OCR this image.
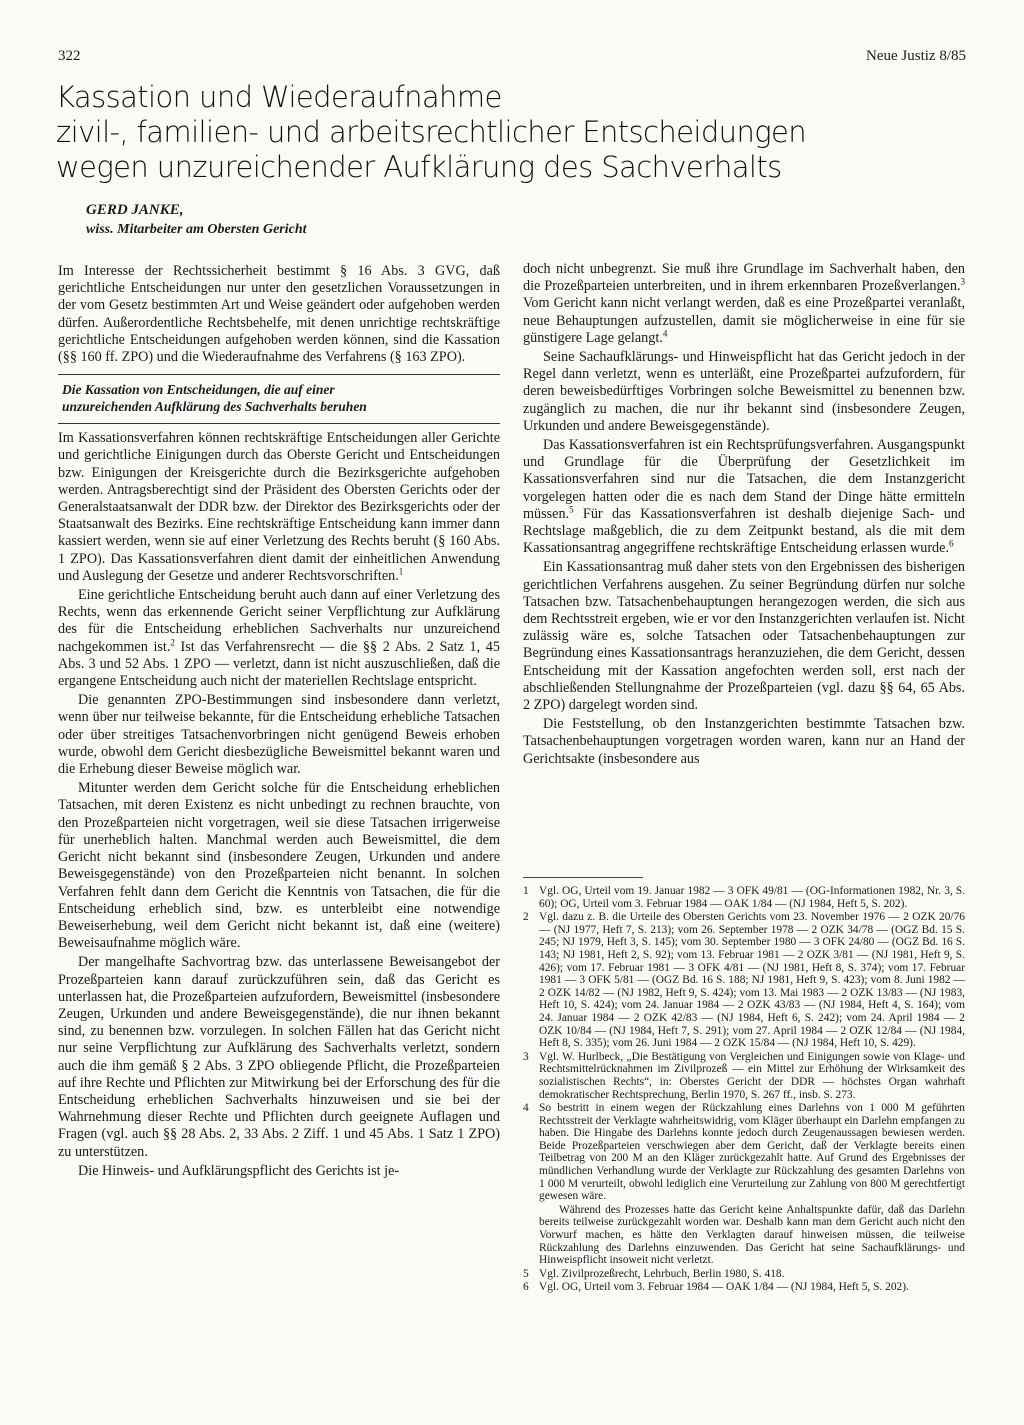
322	Neue Justiz 8/85
Kassation und Wiederaufnahme
zivil-, familien- und arbeitsrechtlicher Entscheidungen
wegen unzureichender Aufklärung des Sachverhalts
GERD JANKE,
wiss. Mitarbeiter am Obersten Gericht

Im Interesse der Rechtssicherheit bestimmt § 16 Abs. 3 GVG, daß gerichtliche Entscheidungen nur unter den gesetzlichen Voraussetzungen in der vom Gesetz bestimmten Art und Weise geändert oder aufgehoben werden dürfen. Außerordentliche Rechtsbehelfe, mit denen unrichtige rechtskräftige gerichtliche Entscheidungen aufgehoben werden können, sind die Kassation (§§ 160 ff. ZPO) und die Wiederaufnahme des Verfahrens (§ 163 ZPO).

Die Kassation von Entscheidungen, die auf einer
unzureichenden Aufklärung des Sachverhalts beruhen

Im Kassationsverfahren können rechtskräftige Entscheidungen aller Gerichte und gerichtliche Einigungen durch das Oberste Gericht und Entscheidungen bzw. Einigungen der Kreisgerichte durch die Bezirksgerichte aufgehoben werden. Antragsberechtigt sind der Präsident des Obersten Gerichts oder der Generalstaatsanwalt der DDR bzw. der Direktor des Bezirksgerichts oder der Staatsanwalt des Bezirks. Eine rechtskräftige Entscheidung kann immer dann kassiert werden, wenn sie auf einer Verletzung des Rechts beruht (§ 160 Abs. 1 ZPO). Das Kassationsverfahren dient damit der einheitlichen Anwendung und Auslegung der Gesetze und anderer Rechtsvorschriften.$^1$

Eine gerichtliche Entscheidung beruht auch dann auf einer Verletzung des Rechts, wenn das erkennende Gericht seiner Verpflichtung zur Aufklärung des für die Entscheidung erheblichen Sachverhalts nur unzureichend nachgekommen ist.$^2$ Ist das Verfahrensrecht — die §§ 2 Abs. 2 Satz 1, 45 Abs. 3 und 52 Abs. 1 ZPO — verletzt, dann ist nicht auszuschließen, daß die ergangene Entscheidung auch nicht der materiellen Rechtslage entspricht.

Die genannten ZPO-Bestimmungen sind insbesondere dann verletzt, wenn über nur teilweise bekannte, für die Entscheidung erhebliche Tatsachen oder über streitiges Tatsachenvorbringen nicht genügend Beweis erhoben wurde, obwohl dem Gericht diesbezügliche Beweismittel bekannt waren und die Erhebung dieser Beweise möglich war.

Mitunter werden dem Gericht solche für die Entscheidung erheblichen Tatsachen, mit deren Existenz es nicht unbedingt zu rechnen brauchte, von den Prozeßparteien nicht vorgetragen, weil sie diese Tatsachen irrigerweise für unerheblich halten. Manchmal werden auch Beweismittel, die dem Gericht nicht bekannt sind (insbesondere Zeugen, Urkunden und andere Beweisgegenstände) von den Prozeßparteien nicht benannt. In solchen Verfahren fehlt dann dem Gericht die Kenntnis von Tatsachen, die für die Entscheidung erheblich sind, bzw. es unterbleibt eine notwendige Beweiserhebung, weil dem Gericht nicht bekannt ist, daß eine (weitere) Beweisaufnahme möglich wäre.

Der mangelhafte Sachvortrag bzw. das unterlassene Beweisangebot der Prozeßparteien kann darauf zurückzuführen sein, daß das Gericht es unterlassen hat, die Prozeßparteien aufzufordern, Beweismittel (insbesondere Zeugen, Urkunden und andere Beweisgegenstände), die nur ihnen bekannt sind, zu benennen bzw. vorzulegen. In solchen Fällen hat das Gericht nicht nur seine Verpflichtung zur Aufklärung des Sachverhalts verletzt, sondern auch die ihm gemäß § 2 Abs. 3 ZPO obliegende Pflicht, die Prozeßparteien auf ihre Rechte und Pflichten zur Mitwirkung bei der Erforschung des für die Entscheidung erheblichen Sachverhalts hinzuweisen und sie bei der Wahrnehmung dieser Rechte und Pflichten durch geeignete Auflagen und Fragen (vgl. auch §§ 28 Abs. 2, 33 Abs. 2 Ziff. 1 und 45 Abs. 1 Satz 1 ZPO) zu unterstützen.

Die Hinweis- und Aufklärungspflicht des Gerichts ist je-

doch nicht unbegrenzt. Sie muß ihre Grundlage im Sachverhalt haben, den die Prozeßparteien unterbreiten, und in ihrem erkennbaren Prozeßverlangen.$^3$ Vom Gericht kann nicht verlangt werden, daß es eine Prozeßpartei veranlaßt, neue Behauptungen aufzustellen, damit sie möglicherweise in eine für sie günstigere Lage gelangt.$^4$

Seine Sachaufklärungs- und Hinweispflicht hat das Gericht jedoch in der Regel dann verletzt, wenn es unterläßt, eine Prozeßpartei aufzufordern, für deren beweisbedürftiges Vorbringen solche Beweismittel zu benennen bzw. zugänglich zu machen, die nur ihr bekannt sind (insbesondere Zeugen, Urkunden und andere Beweisgegenstände).

Das Kassationsverfahren ist ein Rechtsprüfungsverfahren. Ausgangspunkt und Grundlage für die Überprüfung der Gesetzlichkeit im Kassationsverfahren sind nur die Tatsachen, die dem Instanzgericht vorgelegen hatten oder die es nach dem Stand der Dinge hätte ermitteln müssen.$^5$ Für das Kassationsverfahren ist deshalb diejenige Sach- und Rechtslage maßgeblich, die zu dem Zeitpunkt bestand, als die mit dem Kassationsantrag angegriffene rechtskräftige Entscheidung erlassen wurde.$^6$

Ein Kassationsantrag muß daher stets von den Ergebnissen des bisherigen gerichtlichen Verfahrens ausgehen. Zu seiner Begründung dürfen nur solche Tatsachen bzw. Tatsachenbehauptungen herangezogen werden, die sich aus dem Rechtsstreit ergeben, wie er vor den Instanzgerichten verlaufen ist. Nicht zulässig wäre es, solche Tatsachen oder Tatsachenbehauptungen zur Begründung eines Kassationsantrags heranzuziehen, die dem Gericht, dessen Entscheidung mit der Kassation angefochten werden soll, erst nach der abschließenden Stellungnahme der Prozeßparteien (vgl. dazu §§ 64, 65 Abs. 2 ZPO) dargelegt worden sind.

Die Feststellung, ob den Instanzgerichten bestimmte Tatsachen bzw. Tatsachenbehauptungen vorgetragen worden waren, kann nur an Hand der Gerichtsakte (insbesondere aus

1 Vgl. OG, Urteil vom 19. Januar 1982 — 3 OFK 49/81 — (OG-Informationen 1982, Nr. 3, S. 60); OG, Urteil vom 3. Februar 1984 — OAK 1/84 — (NJ 1984, Heft 5, S. 202).
2 Vgl. dazu z. B. die Urteile des Obersten Gerichts vom 23. November 1976 — 2 OZK 20/76 — (NJ 1977, Heft 7, S. 213); vom 26. September 1978 — 2 OZK 34/78 — (OGZ Bd. 15 S. 245; NJ 1979, Heft 3, S. 145); vom 30. September 1980 — 3 OFK 24/80 — (OGZ Bd. 16 S. 143; NJ 1981, Heft 2, S. 92); vom 13. Februar 1981 — 2 OZK 3/81 — (NJ 1981, Heft 9, S. 426); vom 17. Februar 1981 — 3 OFK 4/81 — (NJ 1981, Heft 8, S. 374); vom 17. Februar 1981 — 3 OFK 5/81 — (OGZ Bd. 16 S. 188; NJ 1981, Heft 9, S. 423); vom 8. Juni 1982 — 2 OZK 14/82 — (NJ 1982, Heft 9, S. 424); vom 13. Mai 1983 — 2 OZK 13/83 — (NJ 1983, Heft 10, S. 424); vom 24. Januar 1984 — 2 OZK 43/83 — (NJ 1984, Heft 4, S. 164); vom 24. Januar 1984 — 2 OZK 42/83 — (NJ 1984, Heft 6, S. 242); vom 24. April 1984 — 2 OZK 10/84 — (NJ 1984, Heft 7, S. 291); vom 27. April 1984 — 2 OZK 12/84 — (NJ 1984, Heft 8, S. 335); vom 26. Juni 1984 — 2 OZK 15/84 — (NJ 1984, Heft 10, S. 429).
3 Vgl. W. Hurlbeck, „Die Bestätigung von Vergleichen und Einigungen sowie von Klage- und Rechtsmittelrücknahmen im Zivilprozeß — ein Mittel zur Erhöhung der Wirksamkeit des sozialistischen Rechts“, in: Oberstes Gericht der DDR — höchstes Organ wahrhaft demokratischer Rechtsprechung, Berlin 1970, S. 267 ff., insb. S. 273.
4 So bestritt in einem wegen der Rückzahlung eines Darlehns von 1 000 M geführten Rechtsstreit der Verklagte wahrheitswidrig, vom Kläger überhaupt ein Darlehn empfangen zu haben. Die Hingabe des Darlehns konnte jedoch durch Zeugenaussagen bewiesen werden. Beide Prozeßparteien verschwiegen aber dem Gericht, daß der Verklagte bereits einen Teilbetrag von 200 M an den Kläger zurückgezahlt hatte. Auf Grund des Ergebnisses der mündlichen Verhandlung wurde der Verklagte zur Rückzahlung des gesamten Darlehns von 1 000 M verurteilt, obwohl lediglich eine Verurteilung zur Zahlung von 800 M gerechtfertigt gewesen wäre.
Während des Prozesses hatte das Gericht keine Anhaltspunkte dafür, daß das Darlehn bereits teilweise zurückgezahlt worden war. Deshalb kann man dem Gericht auch nicht den Vorwurf machen, es hätte den Verklagten darauf hinweisen müssen, die teilweise Rückzahlung des Darlehns einzuwenden. Das Gericht hat seine Sachaufklärungs- und Hinweispflicht insoweit nicht verletzt.
5 Vgl. Zivilprozeßrecht, Lehrbuch, Berlin 1980, S. 418.
6 Vgl. OG, Urteil vom 3. Februar 1984 — OAK 1/84 — (NJ 1984, Heft 5, S. 202).
